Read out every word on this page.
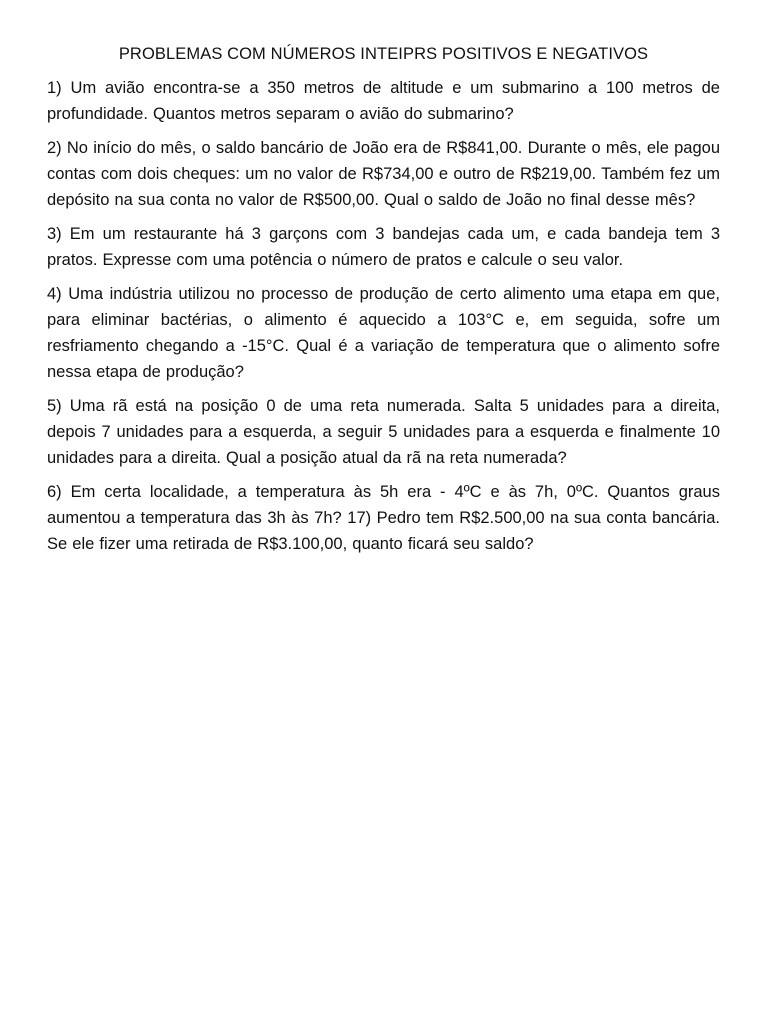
PROBLEMAS COM NÚMEROS INTEIPRS POSITIVOS E NEGATIVOS

1) Um avião encontra-se a 350 metros de altitude e um submarino a 100 metros de profundidade. Quantos metros separam o avião do submarino?

2) No início do mês, o saldo bancário de João era de R$841,00. Durante o mês, ele pagou contas com dois cheques: um no valor de R$734,00 e outro de R$219,00. Também fez um depósito na sua conta no valor de R$500,00. Qual o saldo de João no final desse mês?

3) Em um restaurante há 3 garçons com 3 bandejas cada um, e cada bandeja tem 3 pratos. Expresse com uma potência o número de pratos e calcule o seu valor.

4) Uma indústria utilizou no processo de produção de certo alimento uma etapa em que, para eliminar bactérias, o alimento é aquecido a 103°C e, em seguida, sofre um resfriamento chegando a -15°C. Qual é a variação de temperatura que o alimento sofre nessa etapa de produção?

5) Uma rã está na posição 0 de uma reta numerada. Salta 5 unidades para a direita, depois 7 unidades para a esquerda, a seguir 5 unidades para a esquerda e finalmente 10 unidades para a direita. Qual a posição atual da rã na reta numerada?

6) Em certa localidade, a temperatura às 5h era - 4ºC e às 7h, 0ºC. Quantos graus aumentou a temperatura das 3h às 7h? 17) Pedro tem R$2.500,00 na sua conta bancária. Se ele fizer uma retirada de R$3.100,00, quanto ficará seu saldo?
